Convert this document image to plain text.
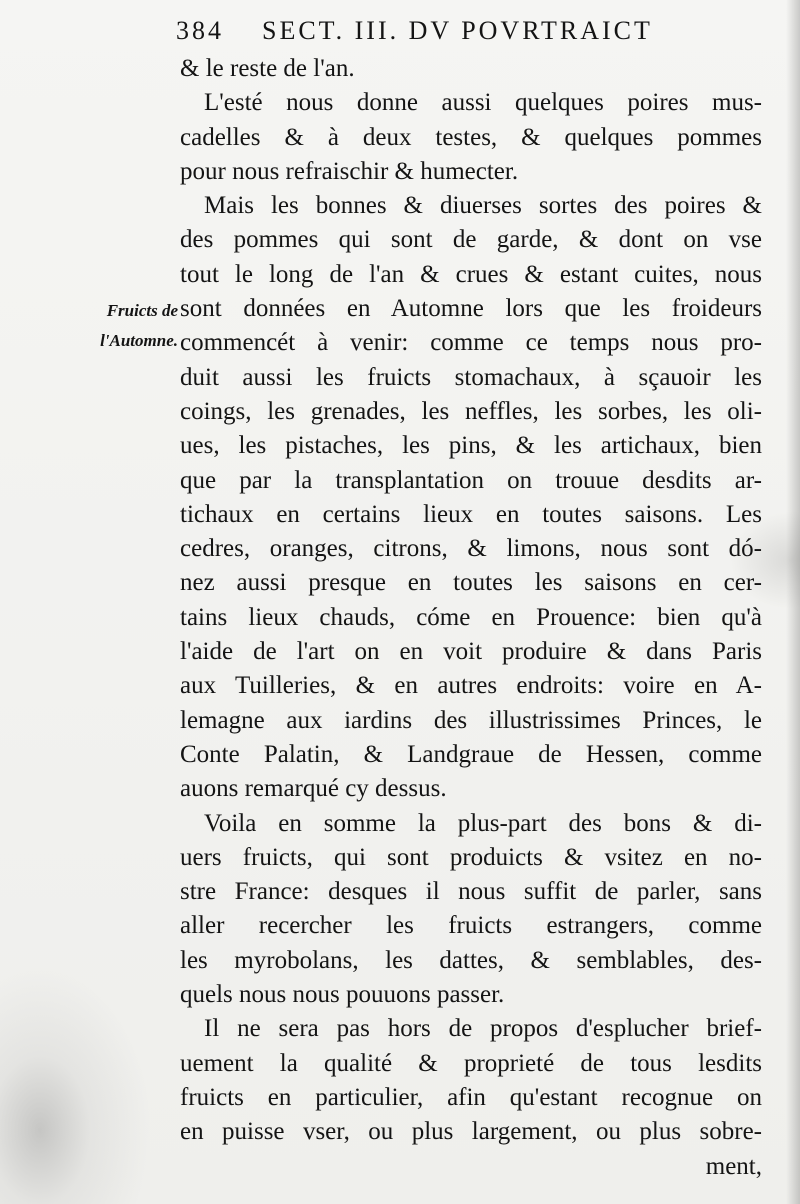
384 SECT. III. DV POVRTRAICT
Fruicts de
l'Automne.
& le reste de l'an.
L'esté nous donne aussi quelques poires mus-
cadelles & à deux testes, & quelques pommes
pour nous refraischir & humecter.
Mais les bonnes & diuerses sortes des poires &
des pommes qui sont de garde, & dont on vse
tout le long de l'an & crues & estant cuites, nous
sont données en Automne lors que les froideurs
commencét à venir: comme ce temps nous pro-
duit aussi les fruicts stomachaux, à sçauoir les
coings, les grenades, les neffles, les sorbes, les oli-
ues, les pistaches, les pins, & les artichaux, bien
que par la transplantation on trouue desdits ar-
tichaux en certains lieux en toutes saisons. Les
cedres, oranges, citrons, & limons, nous sont dó-
nez aussi presque en toutes les saisons en cer-
tains lieux chauds, cóme en Prouence: bien qu'à
l'aide de l'art on en voit produire & dans Paris
aux Tuilleries, & en autres endroits: voire en A-
lemagne aux iardins des illustrissimes Princes, le
Conte Palatin, & Landgraue de Hessen, comme
auons remarqué cy dessus.
Voila en somme la plus-part des bons & di-
uers fruicts, qui sont produicts & vsitez en no-
stre France: desques il nous suffit de parler, sans
aller recercher les fruicts estrangers, comme
les myrobolans, les dattes, & semblables, des-
quels nous nous pouuons passer.
Il ne sera pas hors de propos d'esplucher brief-
uement la qualité & proprieté de tous lesdits
fruicts en particulier, afin qu'estant recognue on
en puisse vser, ou plus largement, ou plus sobre-
ment,
